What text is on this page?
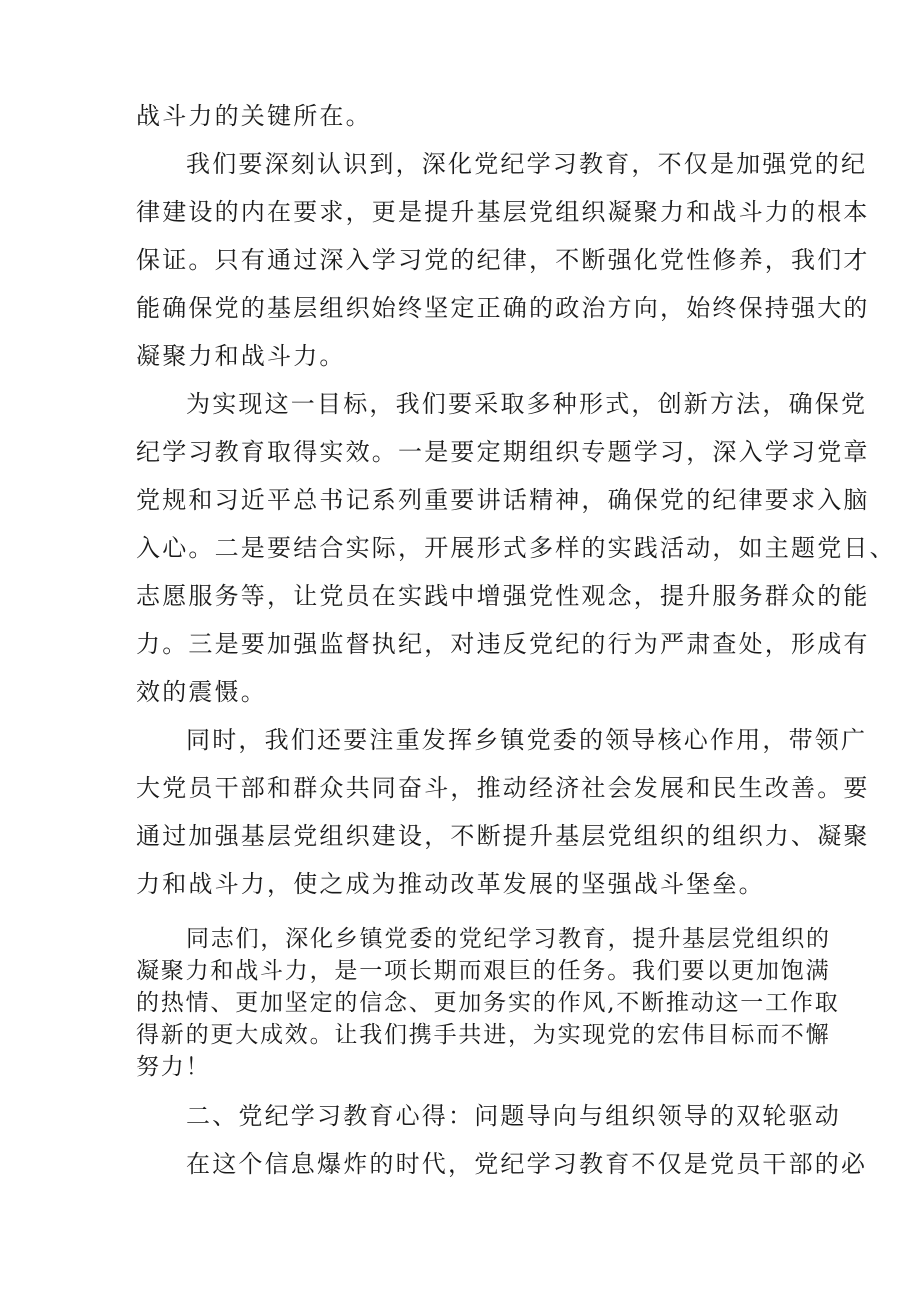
战斗力的关键所在。
我们要深刻认识到，深化党纪学习教育，不仅是加强党的纪
律建设的内在要求，更是提升基层党组织凝聚力和战斗力的根本
保证。只有通过深入学习党的纪律，不断强化党性修养，我们才
能确保党的基层组织始终坚定正确的政治方向，始终保持强大的
凝聚力和战斗力。
为实现这一目标，我们要采取多种形式，创新方法，确保党
纪学习教育取得实效。一是要定期组织专题学习，深入学习党章
党规和习近平总书记系列重要讲话精神，确保党的纪律要求入脑
入心。二是要结合实际，开展形式多样的实践活动，如主题党日、
志愿服务等，让党员在实践中增强党性观念，提升服务群众的能
力。三是要加强监督执纪，对违反党纪的行为严肃查处，形成有
效的震慑。
同时，我们还要注重发挥乡镇党委的领导核心作用，带领广
大党员干部和群众共同奋斗，推动经济社会发展和民生改善。要
通过加强基层党组织建设，不断提升基层党组织的组织力、凝聚
力和战斗力，使之成为推动改革发展的坚强战斗堡垒。
同志们，深化乡镇党委的党纪学习教育，提升基层党组织的
凝聚力和战斗力，是一项长期而艰巨的任务。我们要以更加饱满
的热情、更加坚定的信念、更加务实的作风,不断推动这一工作取
得新的更大成效。让我们携手共进，为实现党的宏伟目标而不懈
努力！
二、党纪学习教育心得：问题导向与组织领导的双轮驱动
在这个信息爆炸的时代，党纪学习教育不仅是党员干部的必
